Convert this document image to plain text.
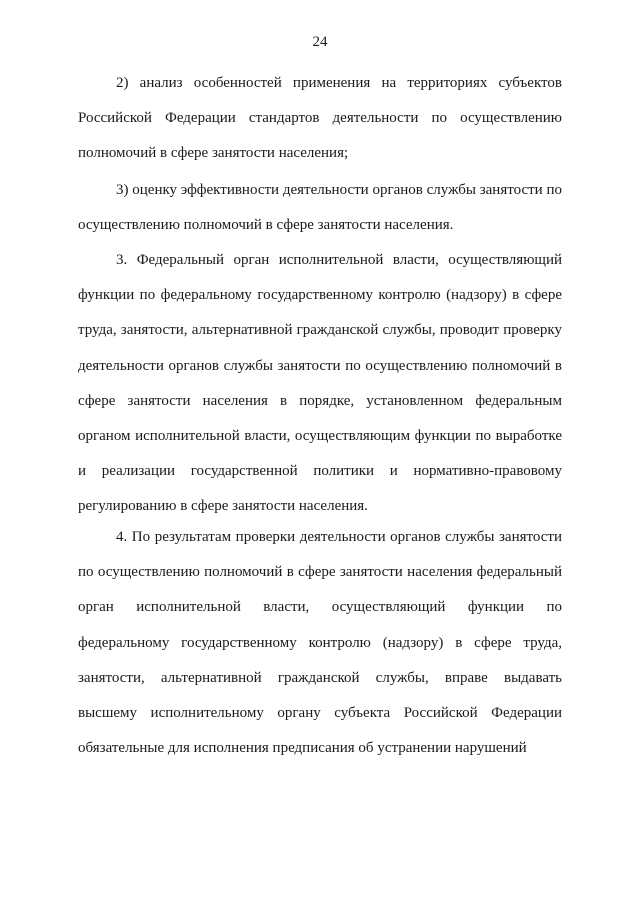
24

2) анализ особенностей применения на территориях субъектов Российской Федерации стандартов деятельности по осуществлению полномочий в сфере занятости населения;

3) оценку эффективности деятельности органов службы занятости по осуществлению полномочий в сфере занятости населения.

3. Федеральный орган исполнительной власти, осуществляющий функции по федеральному государственному контролю (надзору) в сфере труда, занятости, альтернативной гражданской службы, проводит проверку деятельности органов службы занятости по осуществлению полномочий в сфере занятости населения в порядке, установленном федеральным органом исполнительной власти, осуществляющим функции по выработке и реализации государственной политики и нормативно-правовому регулированию в сфере занятости населения.

4. По результатам проверки деятельности органов службы занятости по осуществлению полномочий в сфере занятости населения федеральный орган исполнительной власти, осуществляющий функции по федеральному государственному контролю (надзору) в сфере труда, занятости, альтернативной гражданской службы, вправе выдавать высшему исполнительному органу субъекта Российской Федерации обязательные для исполнения предписания об устранении нарушений
